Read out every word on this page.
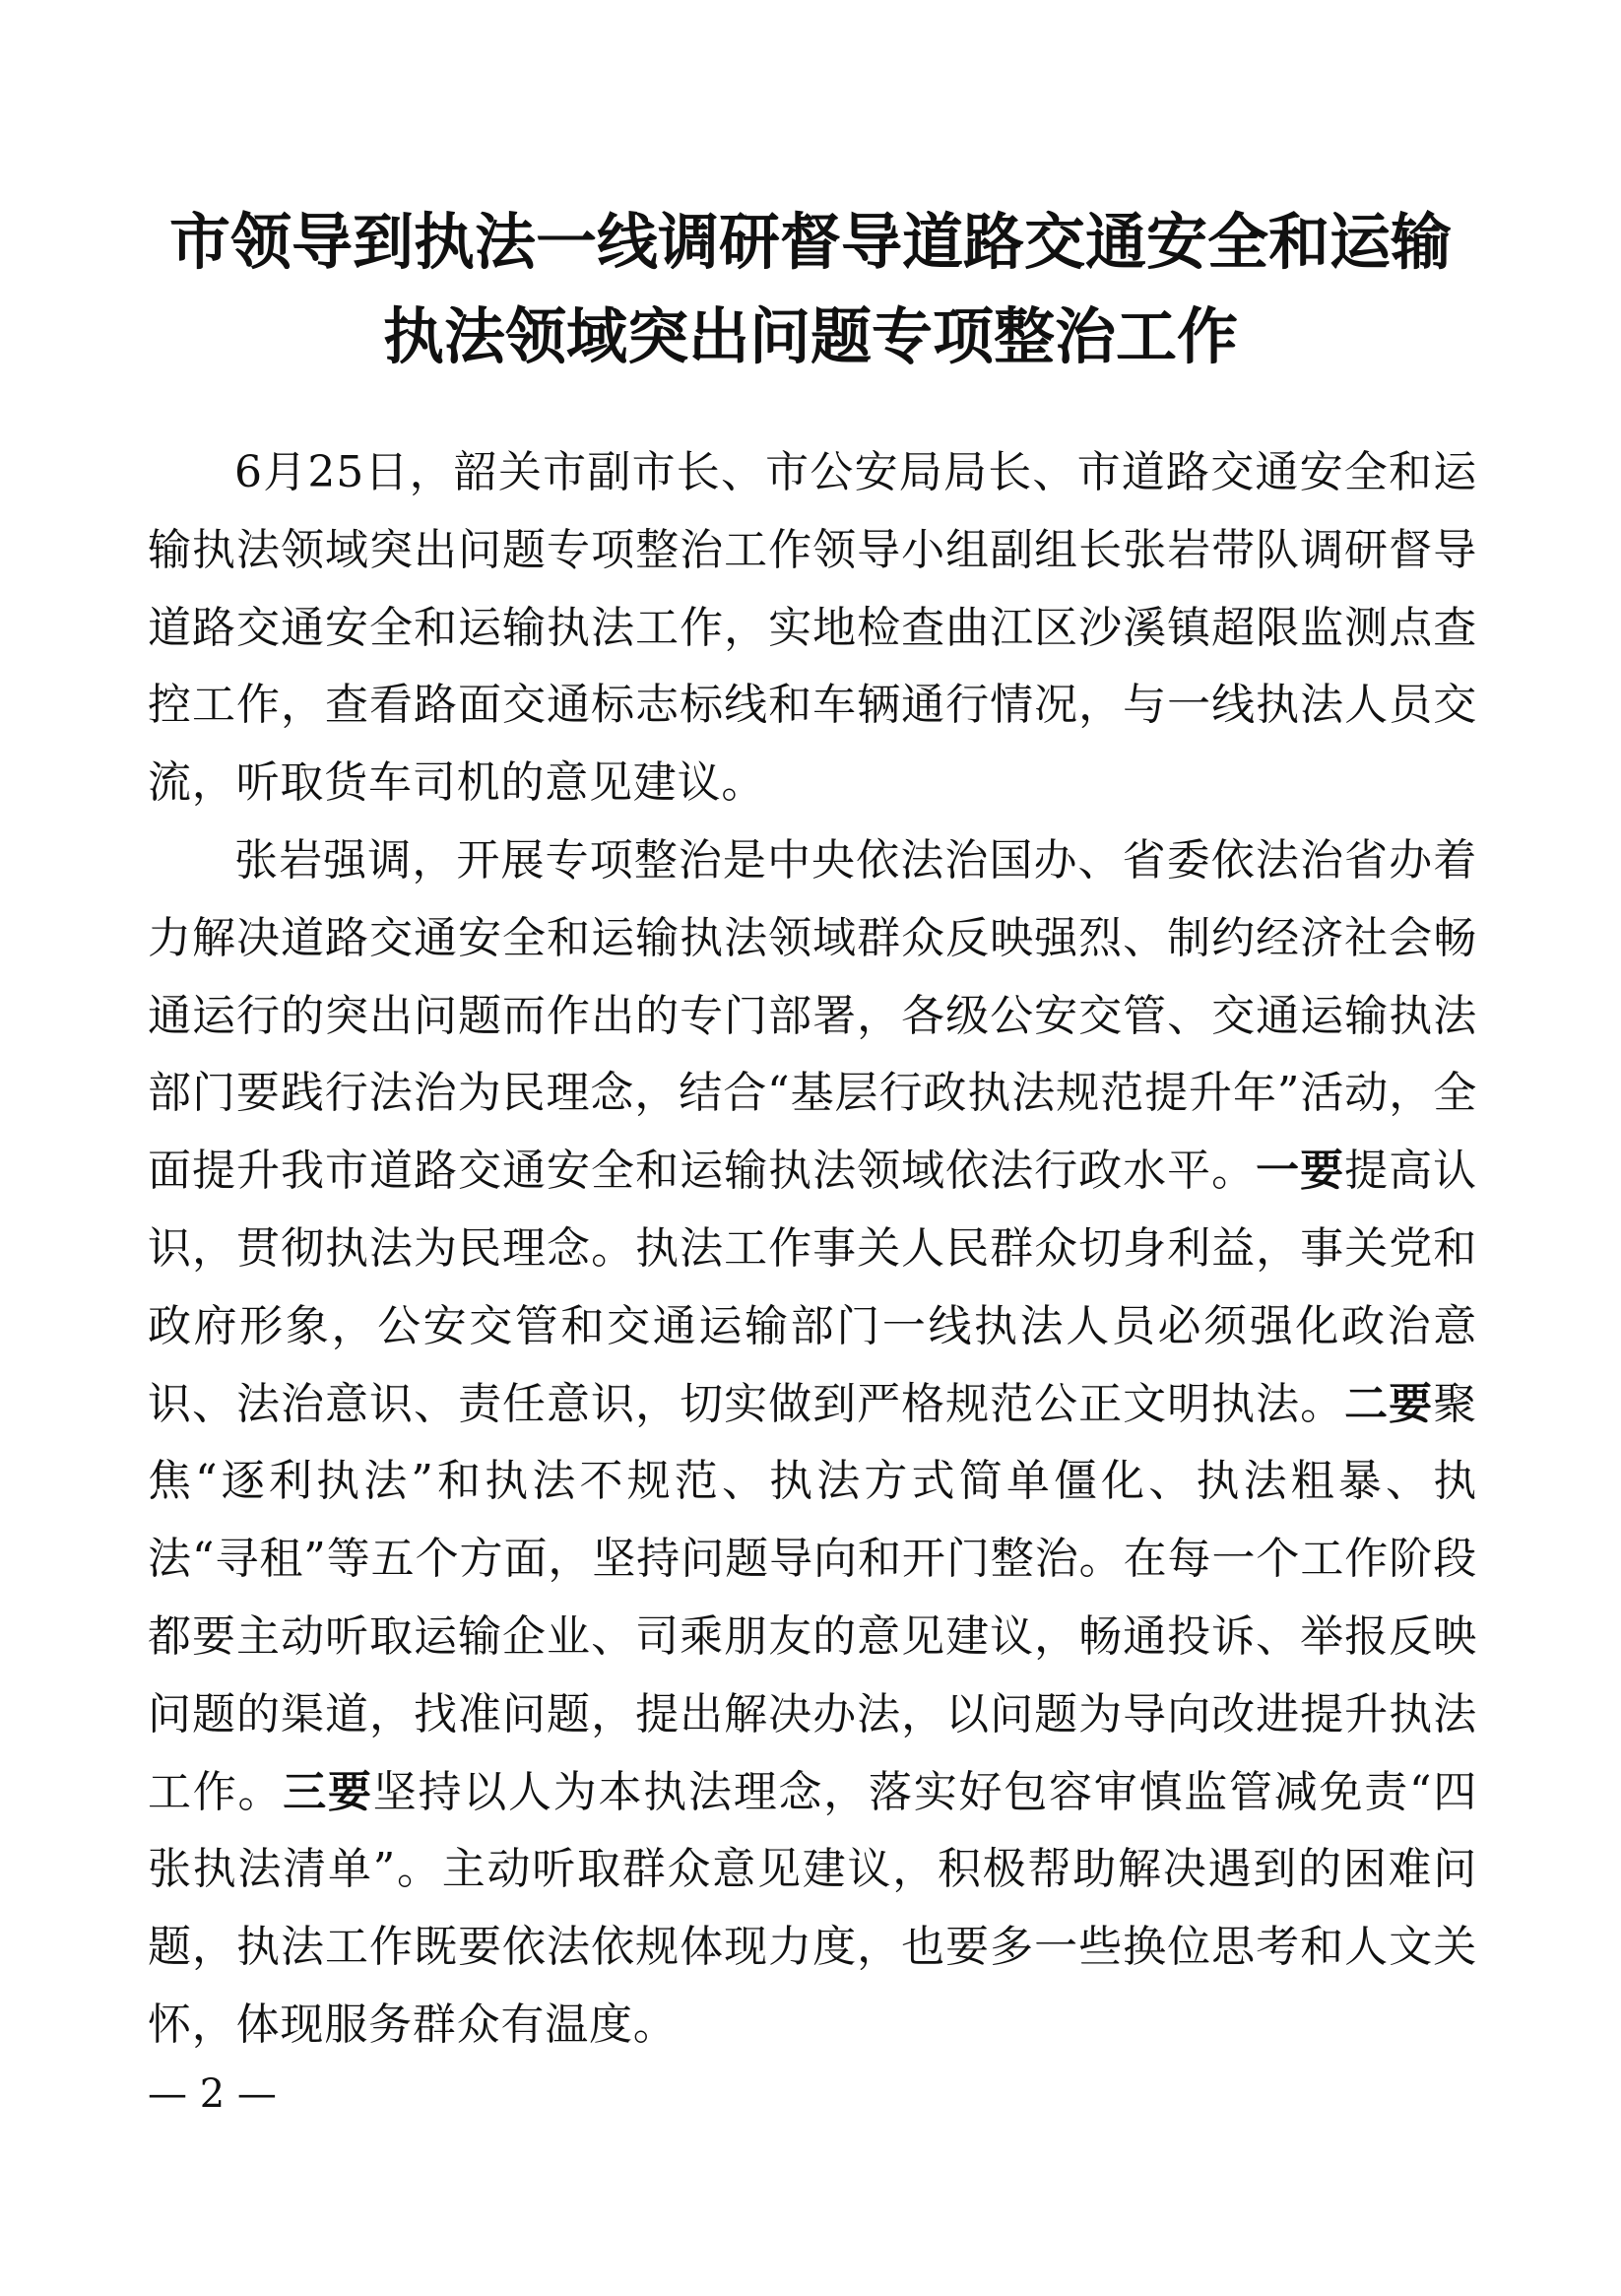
市领导到执法一线调研督导道路交通安全和运输
执法领域突出问题专项整治工作

6月25日，韶关市副市长、市公安局局长、市道路交通安全和运输执法领域突出问题专项整治工作领导小组副组长张岩带队调研督导道路交通安全和运输执法工作，实地检查曲江区沙溪镇超限监测点查控工作，查看路面交通标志标线和车辆通行情况，与一线执法人员交流，听取货车司机的意见建议。

张岩强调，开展专项整治是中央依法治国办、省委依法治省办着力解决道路交通安全和运输执法领域群众反映强烈、制约经济社会畅通运行的突出问题而作出的专门部署，各级公安交管、交通运输执法部门要践行法治为民理念，结合“基层行政执法规范提升年”活动，全面提升我市道路交通安全和运输执法领域依法行政水平。一要提高认识，贯彻执法为民理念。执法工作事关人民群众切身利益，事关党和政府形象，公安交管和交通运输部门一线执法人员必须强化政治意识、法治意识、责任意识，切实做到严格规范公正文明执法。二要聚焦“逐利执法”和执法不规范、执法方式简单僵化、执法粗暴、执法“寻租”等五个方面，坚持问题导向和开门整治。在每一个工作阶段都要主动听取运输企业、司乘朋友的意见建议，畅通投诉、举报反映问题的渠道，找准问题，提出解决办法，以问题为导向改进提升执法工作。三要坚持以人为本执法理念，落实好包容审慎监管减免责“四张执法清单”。主动听取群众意见建议，积极帮助解决遇到的困难问题，执法工作既要依法依规体现力度，也要多一些换位思考和人文关怀，体现服务群众有温度。

— 2 —
